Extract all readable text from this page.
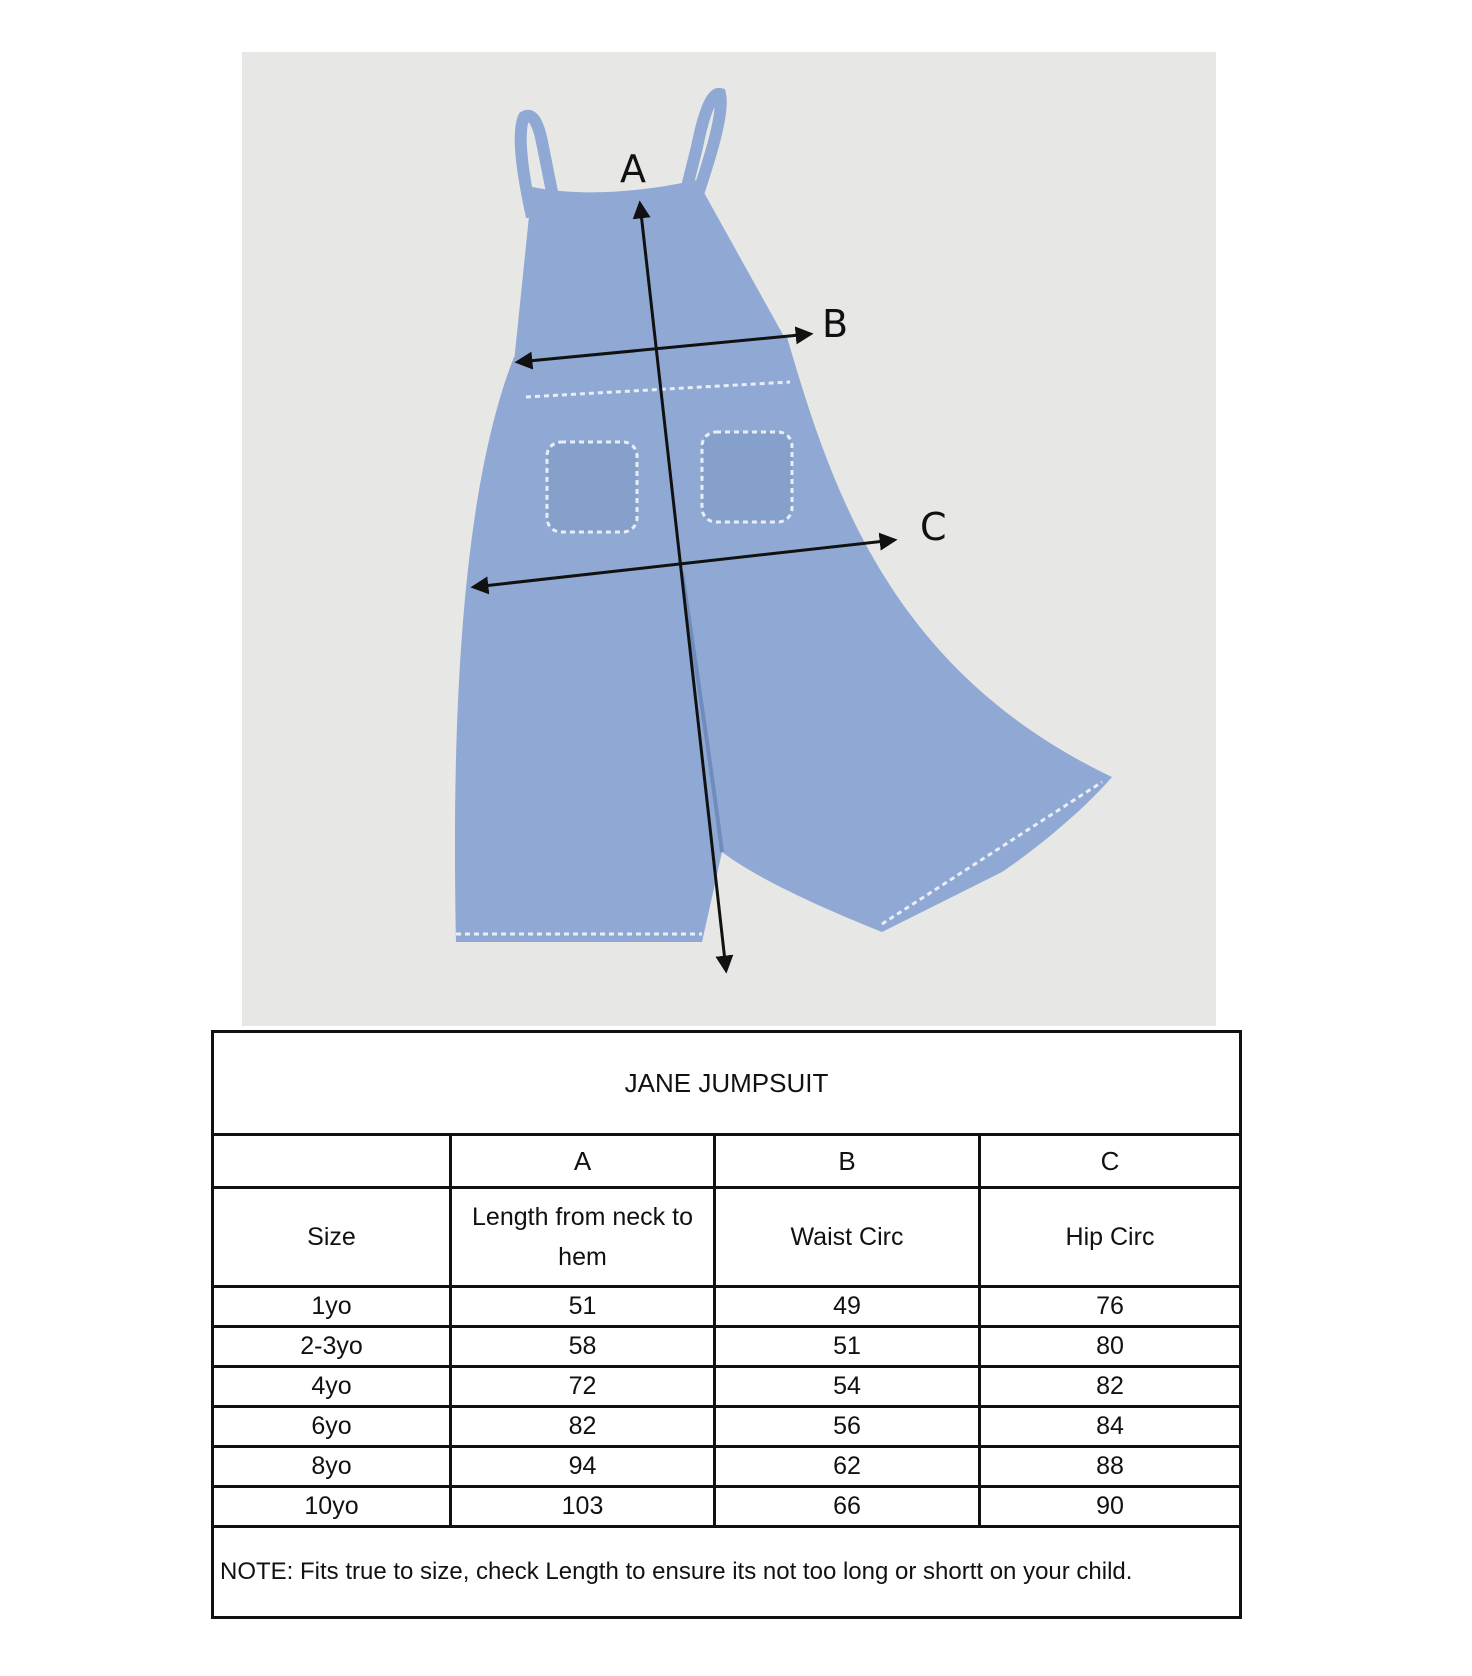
A
B
C
JANE JUMPSUIT			
	A	B	C
Size	Length from neck to hem	Waist Circ	Hip Circ
1yo	51	49	76
2-3yo	58	51	80
4yo	72	54	82
6yo	82	56	84
8yo	94	62	88
10yo	103	66	90
NOTE: Fits true to size, check Length to ensure its not too long or shortt on your child.			
